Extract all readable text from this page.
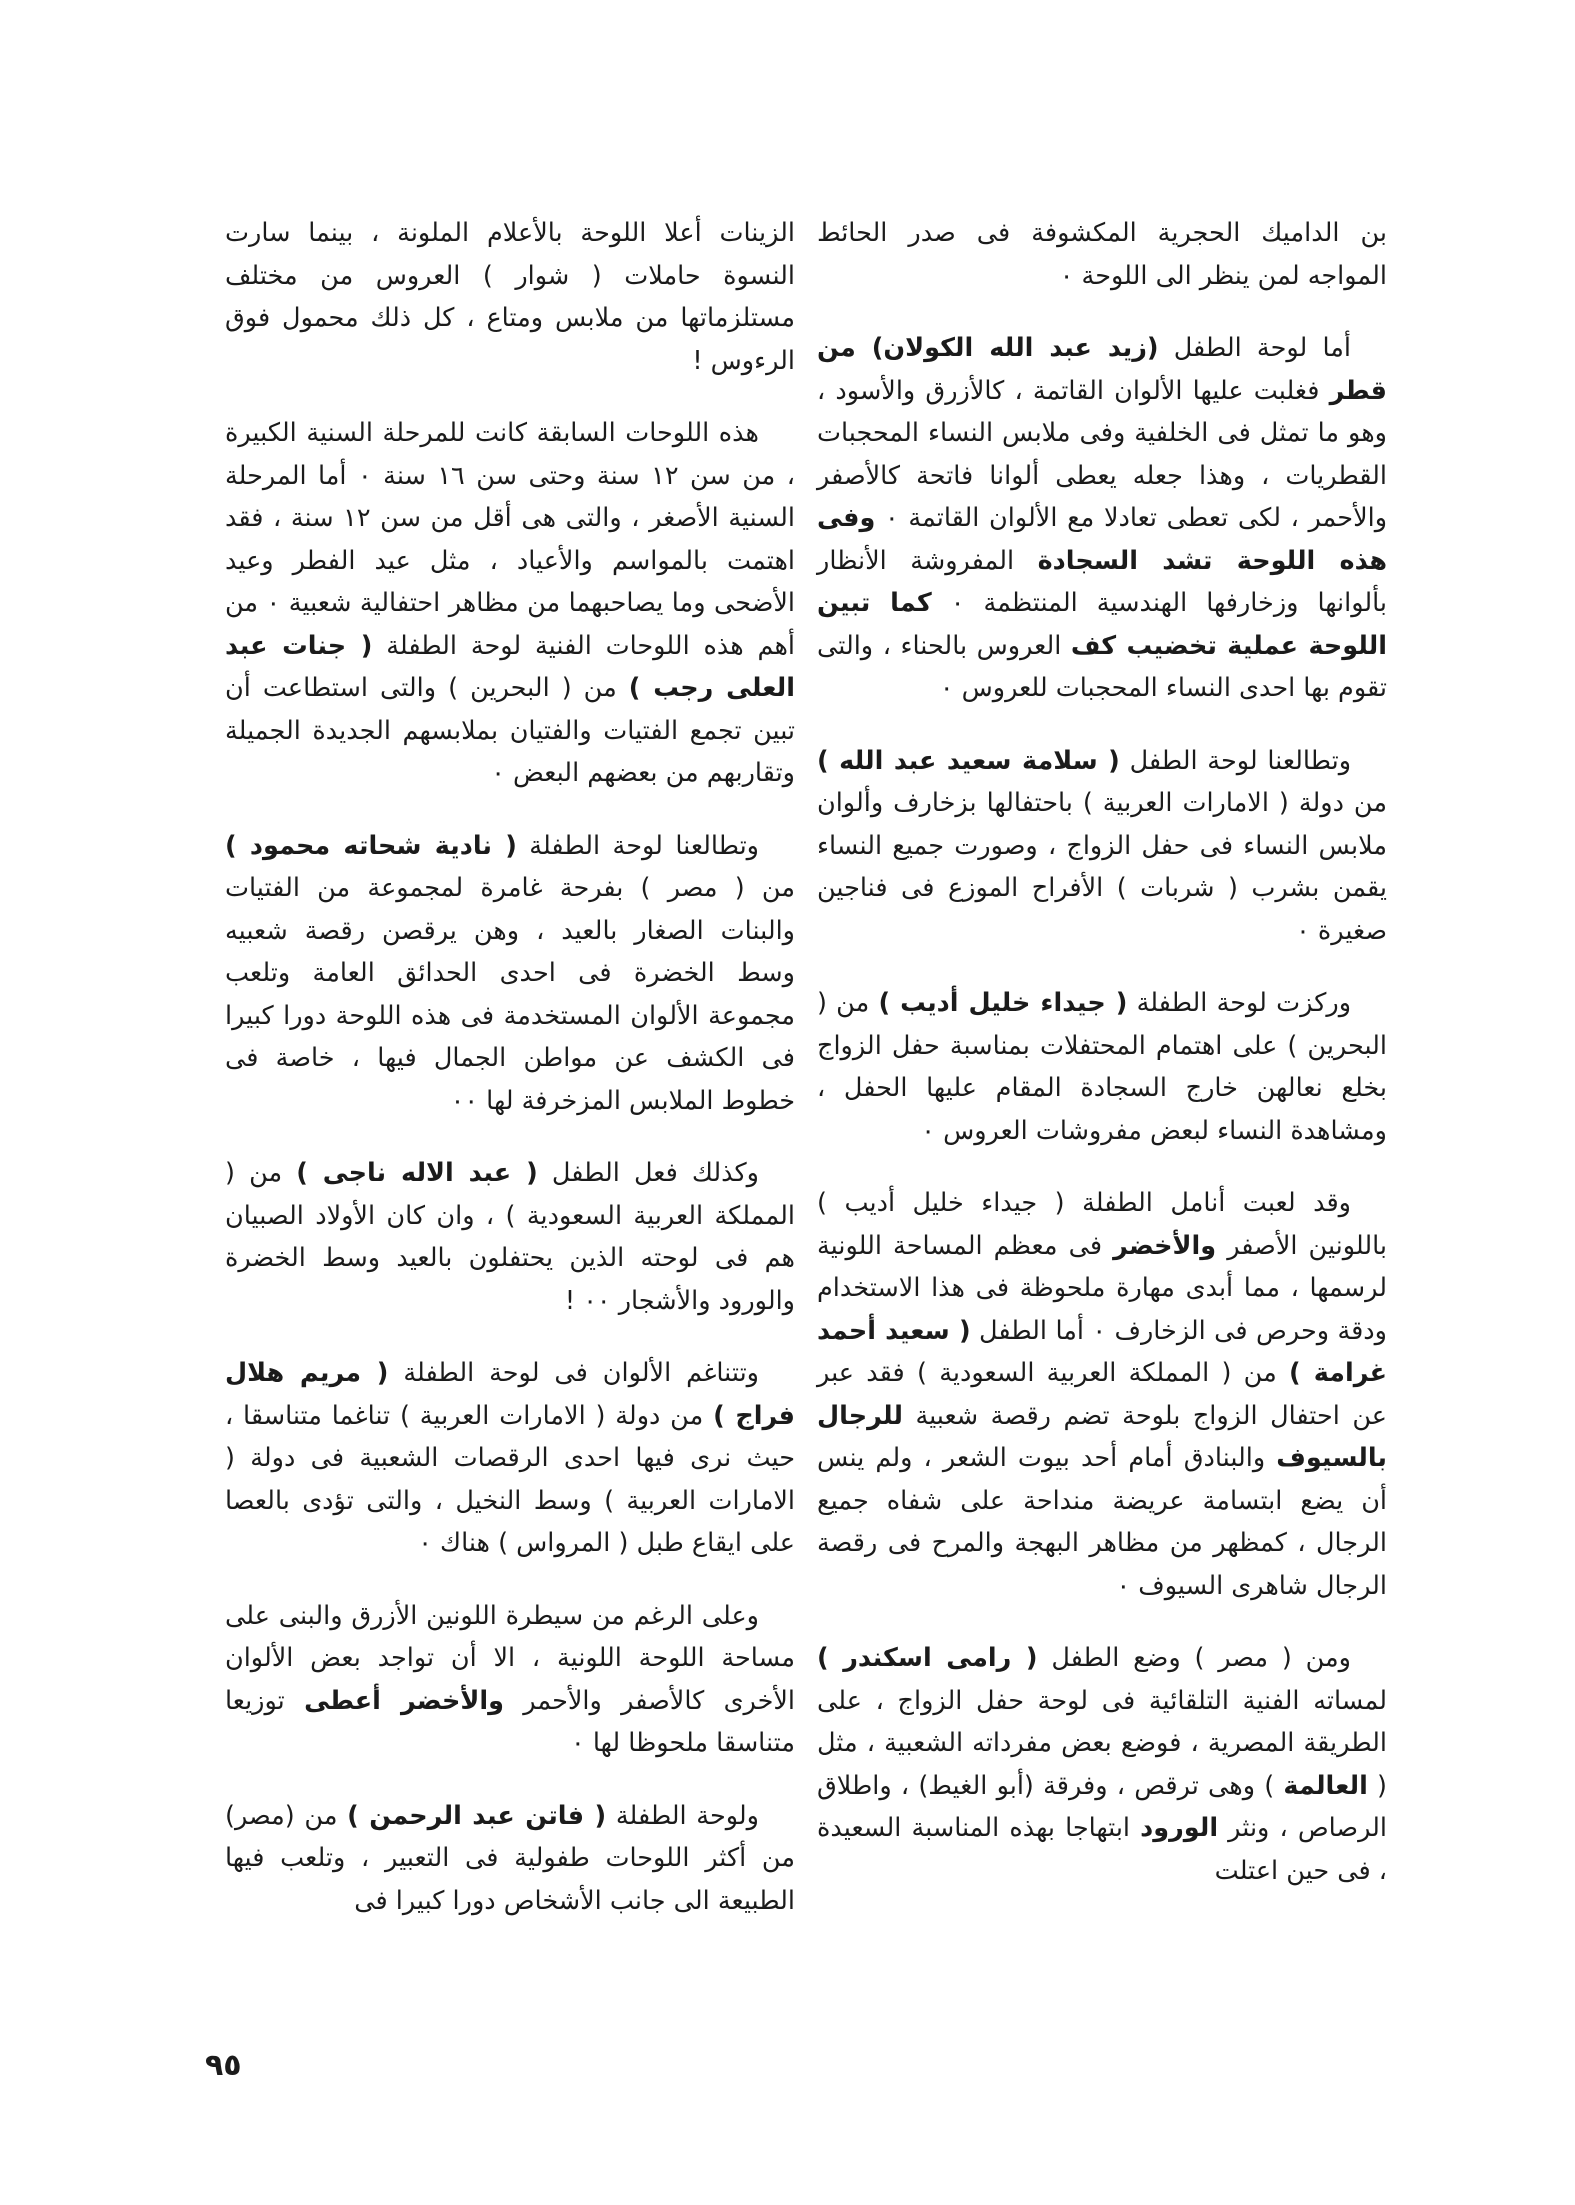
بن الداميك الحجرية المكشوفة فى صدر الحائط المواجه لمن ينظر الى اللوحة ٠

أما لوحة الطفل (زيد عبد الله الكولان) من قطر فغلبت عليها الألوان القاتمة ، كالأزرق والأسود ، وهو ما تمثل فى الخلفية وفى ملابس النساء المحجبات القطريات ، وهذا جعله يعطى ألوانا فاتحة كالأصفر والأحمر ، لكى تعطى تعادلا مع الألوان القاتمة ٠ وفى هذه اللوحة تشد السجادة المفروشة الأنظار بألوانها وزخارفها الهندسية المنتظمة ٠ كما تبين اللوحة عملية تخضيب كف العروس بالحناء ، والتى تقوم بها احدى النساء المحجبات للعروس ٠

وتطالعنا لوحة الطفل ( سلامة سعيد عبد الله ) من دولة ( الامارات العربية ) باحتفالها بزخارف وألوان ملابس النساء فى حفل الزواج ، وصورت جميع النساء يقمن بشرب ( شربات ) الأفراح الموزع فى فناجين صغيرة ٠

وركزت لوحة الطفلة ( جيداء خليل أديب ) من ( البحرين ) على اهتمام المحتفلات بمناسبة حفل الزواج بخلع نعالهن خارج السجادة المقام عليها الحفل ، ومشاهدة النساء لبعض مفروشات العروس ٠

وقد لعبت أنامل الطفلة ( جيداء خليل أديب ) باللونين الأصفر والأخضر فى معظم المساحة اللونية لرسمها ، مما أبدى مهارة ملحوظة فى هذا الاستخدام ودقة وحرص فى الزخارف ٠ أما الطفل ( سعيد أحمد غرامة ) من ( المملكة العربية السعودية ) فقد عبر عن احتفال الزواج بلوحة تضم رقصة شعبية للرجال بالسيوف والبنادق أمام أحد بيوت الشعر ، ولم ينس أن يضع ابتسامة عريضة منداحة على شفاه جميع الرجال ، كمظهر من مظاهر البهجة والمرح فى رقصة الرجال شاهرى السيوف ٠

ومن ( مصر ) وضع الطفل ( رامى اسكندر ) لمساته الفنية التلقائية فى لوحة حفل الزواج ، على الطريقة المصرية ، فوضع بعض مفرداته الشعبية ، مثل ( العالمة ) وهى ترقص ، وفرقة (أبو الغيط) ، واطلاق الرصاص ، ونثر الورود ابتهاجا بهذه المناسبة السعيدة ، فى حين اعتلت

الزينات أعلا اللوحة بالأعلام الملونة ، بينما سارت النسوة حاملات ( شوار ) العروس من مختلف مستلزماتها من ملابس ومتاع ، كل ذلك محمول فوق الرءوس !

هذه اللوحات السابقة كانت للمرحلة السنية الكبيرة ، من سن ١٢ سنة وحتى سن ١٦ سنة ٠ أما المرحلة السنية الأصغر ، والتى هى أقل من سن ١٢ سنة ، فقد اهتمت بالمواسم والأعياد ، مثل عيد الفطر وعيد الأضحى وما يصاحبهما من مظاهر احتفالية شعبية ٠ من أهم هذه اللوحات الفنية لوحة الطفلة ( جنات عبد العلى رجب ) من ( البحرين ) والتى استطاعت أن تبين تجمع الفتيات والفتيان بملابسهم الجديدة الجميلة وتقاربهم من بعضهم البعض ٠

وتطالعنا لوحة الطفلة ( نادية شحاته محمود ) من ( مصر ) بفرحة غامرة لمجموعة من الفتيات والبنات الصغار بالعيد ، وهن يرقصن رقصة شعبيه وسط الخضرة فى احدى الحدائق العامة وتلعب مجموعة الألوان المستخدمة فى هذه اللوحة دورا كبيرا فى الكشف عن مواطن الجمال فيها ، خاصة فى خطوط الملابس المزخرفة لها ٠٠

وكذلك فعل الطفل ( عبد الاله ناجى ) من ( المملكة العربية السعودية ) ، وان كان الأولاد الصبيان هم فى لوحته الذين يحتفلون بالعيد وسط الخضرة والورود والأشجار ٠٠ !

وتتناغم الألوان فى لوحة الطفلة ( مريم هلال فراج ) من دولة ( الامارات العربية ) تناغما متناسقا ، حيث نرى فيها احدى الرقصات الشعبية فى دولة ( الامارات العربية ) وسط النخيل ، والتى تؤدى بالعصا على ايقاع طبل ( المرواس ) هناك ٠

وعلى الرغم من سيطرة اللونين الأزرق والبنى على مساحة اللوحة اللونية ، الا أن تواجد بعض الألوان الأخرى كالأصفر والأحمر والأخضر أعطى توزيعا متناسقا ملحوظا لها ٠

ولوحة الطفلة ( فاتن عبد الرحمن ) من (مصر) من أكثر اللوحات طفولية فى التعبير ، وتلعب فيها الطبيعة الى جانب الأشخاص دورا كبيرا فى

٩٥
